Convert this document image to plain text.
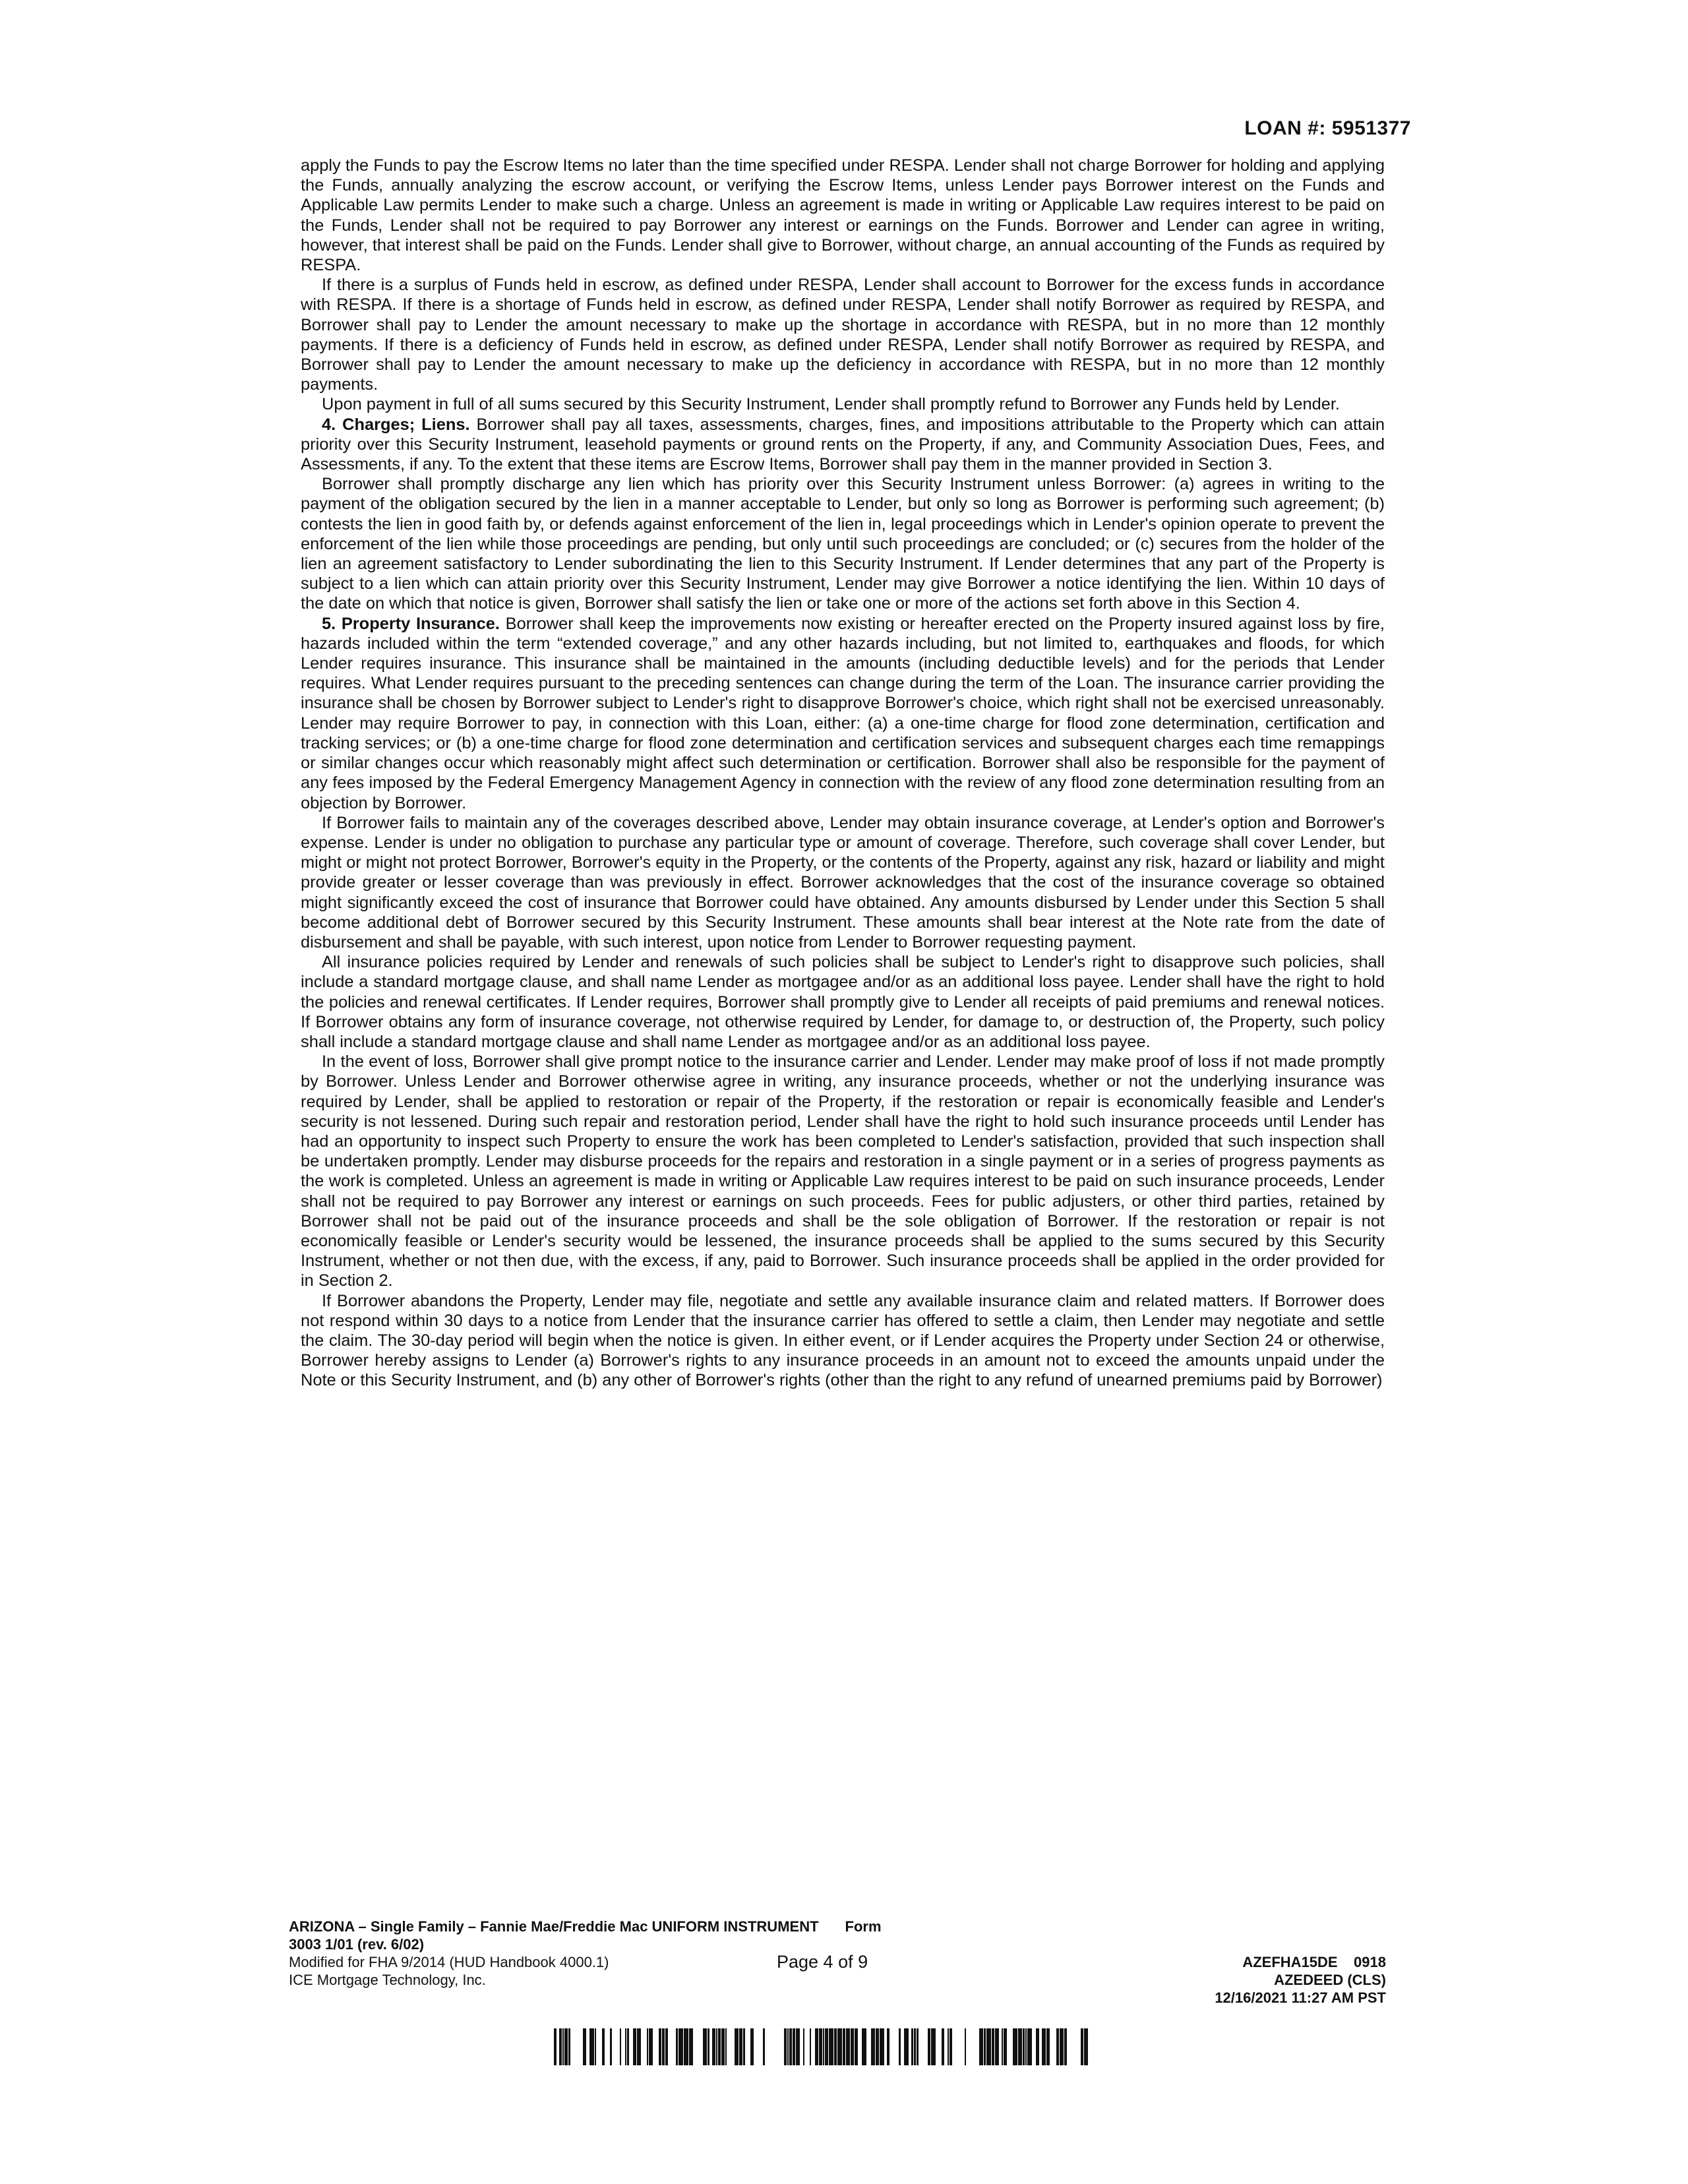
LOAN #: 5951377

apply the Funds to pay the Escrow Items no later than the time specified under RESPA. Lender shall not charge Borrower for holding and applying the Funds, annually analyzing the escrow account, or verifying the Escrow Items, unless Lender pays Borrower interest on the Funds and Applicable Law permits Lender to make such a charge. Unless an agreement is made in writing or Applicable Law requires interest to be paid on the Funds, Lender shall not be required to pay Borrower any interest or earnings on the Funds. Borrower and Lender can agree in writing, however, that interest shall be paid on the Funds. Lender shall give to Borrower, without charge, an annual accounting of the Funds as required by RESPA.

If there is a surplus of Funds held in escrow, as defined under RESPA, Lender shall account to Borrower for the excess funds in accordance with RESPA. If there is a shortage of Funds held in escrow, as defined under RESPA, Lender shall notify Borrower as required by RESPA, and Borrower shall pay to Lender the amount necessary to make up the shortage in accordance with RESPA, but in no more than 12 monthly payments. If there is a deficiency of Funds held in escrow, as defined under RESPA, Lender shall notify Borrower as required by RESPA, and Borrower shall pay to Lender the amount necessary to make up the deficiency in accordance with RESPA, but in no more than 12 monthly payments.

Upon payment in full of all sums secured by this Security Instrument, Lender shall promptly refund to Borrower any Funds held by Lender.

4. Charges; Liens. Borrower shall pay all taxes, assessments, charges, fines, and impositions attributable to the Property which can attain priority over this Security Instrument, leasehold payments or ground rents on the Property, if any, and Community Association Dues, Fees, and Assessments, if any. To the extent that these items are Escrow Items, Borrower shall pay them in the manner provided in Section 3.

Borrower shall promptly discharge any lien which has priority over this Security Instrument unless Borrower: (a) agrees in writing to the payment of the obligation secured by the lien in a manner acceptable to Lender, but only so long as Borrower is performing such agreement; (b) contests the lien in good faith by, or defends against enforcement of the lien in, legal proceedings which in Lender's opinion operate to prevent the enforcement of the lien while those proceedings are pending, but only until such proceedings are concluded; or (c) secures from the holder of the lien an agreement satisfactory to Lender subordinating the lien to this Security Instrument. If Lender determines that any part of the Property is subject to a lien which can attain priority over this Security Instrument, Lender may give Borrower a notice identifying the lien. Within 10 days of the date on which that notice is given, Borrower shall satisfy the lien or take one or more of the actions set forth above in this Section 4.

5. Property Insurance. Borrower shall keep the improvements now existing or hereafter erected on the Property insured against loss by fire, hazards included within the term “extended coverage,” and any other hazards including, but not limited to, earthquakes and floods, for which Lender requires insurance. This insurance shall be maintained in the amounts (including deductible levels) and for the periods that Lender requires. What Lender requires pursuant to the preceding sentences can change during the term of the Loan. The insurance carrier providing the insurance shall be chosen by Borrower subject to Lender's right to disapprove Borrower's choice, which right shall not be exercised unreasonably. Lender may require Borrower to pay, in connection with this Loan, either: (a) a one-time charge for flood zone determination, certification and tracking services; or (b) a one-time charge for flood zone determination and certification services and subsequent charges each time remappings or similar changes occur which reasonably might affect such determination or certification. Borrower shall also be responsible for the payment of any fees imposed by the Federal Emergency Management Agency in connection with the review of any flood zone determination resulting from an objection by Borrower.

If Borrower fails to maintain any of the coverages described above, Lender may obtain insurance coverage, at Lender's option and Borrower's expense. Lender is under no obligation to purchase any particular type or amount of coverage. Therefore, such coverage shall cover Lender, but might or might not protect Borrower, Borrower's equity in the Property, or the contents of the Property, against any risk, hazard or liability and might provide greater or lesser coverage than was previously in effect. Borrower acknowledges that the cost of the insurance coverage so obtained might significantly exceed the cost of insurance that Borrower could have obtained. Any amounts disbursed by Lender under this Section 5 shall become additional debt of Borrower secured by this Security Instrument. These amounts shall bear interest at the Note rate from the date of disbursement and shall be payable, with such interest, upon notice from Lender to Borrower requesting payment.

All insurance policies required by Lender and renewals of such policies shall be subject to Lender's right to disapprove such policies, shall include a standard mortgage clause, and shall name Lender as mortgagee and/or as an additional loss payee. Lender shall have the right to hold the policies and renewal certificates. If Lender requires, Borrower shall promptly give to Lender all receipts of paid premiums and renewal notices. If Borrower obtains any form of insurance coverage, not otherwise required by Lender, for damage to, or destruction of, the Property, such policy shall include a standard mortgage clause and shall name Lender as mortgagee and/or as an additional loss payee.

In the event of loss, Borrower shall give prompt notice to the insurance carrier and Lender. Lender may make proof of loss if not made promptly by Borrower. Unless Lender and Borrower otherwise agree in writing, any insurance proceeds, whether or not the underlying insurance was required by Lender, shall be applied to restoration or repair of the Property, if the restoration or repair is economically feasible and Lender's security is not lessened. During such repair and restoration period, Lender shall have the right to hold such insurance proceeds until Lender has had an opportunity to inspect such Property to ensure the work has been completed to Lender's satisfaction, provided that such inspection shall be undertaken promptly. Lender may disburse proceeds for the repairs and restoration in a single payment or in a series of progress payments as the work is completed. Unless an agreement is made in writing or Applicable Law requires interest to be paid on such insurance proceeds, Lender shall not be required to pay Borrower any interest or earnings on such proceeds. Fees for public adjusters, or other third parties, retained by Borrower shall not be paid out of the insurance proceeds and shall be the sole obligation of Borrower. If the restoration or repair is not economically feasible or Lender's security would be lessened, the insurance proceeds shall be applied to the sums secured by this Security Instrument, whether or not then due, with the excess, if any, paid to Borrower. Such insurance proceeds shall be applied in the order provided for in Section 2.

If Borrower abandons the Property, Lender may file, negotiate and settle any available insurance claim and related matters. If Borrower does not respond within 30 days to a notice from Lender that the insurance carrier has offered to settle a claim, then Lender may negotiate and settle the claim. The 30-day period will begin when the notice is given. In either event, or if Lender acquires the Property under Section 24 or otherwise, Borrower hereby assigns to Lender (a) Borrower's rights to any insurance proceeds in an amount not to exceed the amounts unpaid under the Note or this Security Instrument, and (b) any other of Borrower's rights (other than the right to any refund of unearned premiums paid by Borrower)

ARIZONA – Single Family – Fannie Mae/Freddie Mac UNIFORM INSTRUMENT Form 3003 1/01 (rev. 6/02)
Modified for FHA 9/2014 (HUD Handbook 4000.1)
ICE Mortgage Technology, Inc.
Page 4 of 9	AZEFHA15DE    0918
AZEDEED (CLS)
12/16/2021 11:27 AM PST
